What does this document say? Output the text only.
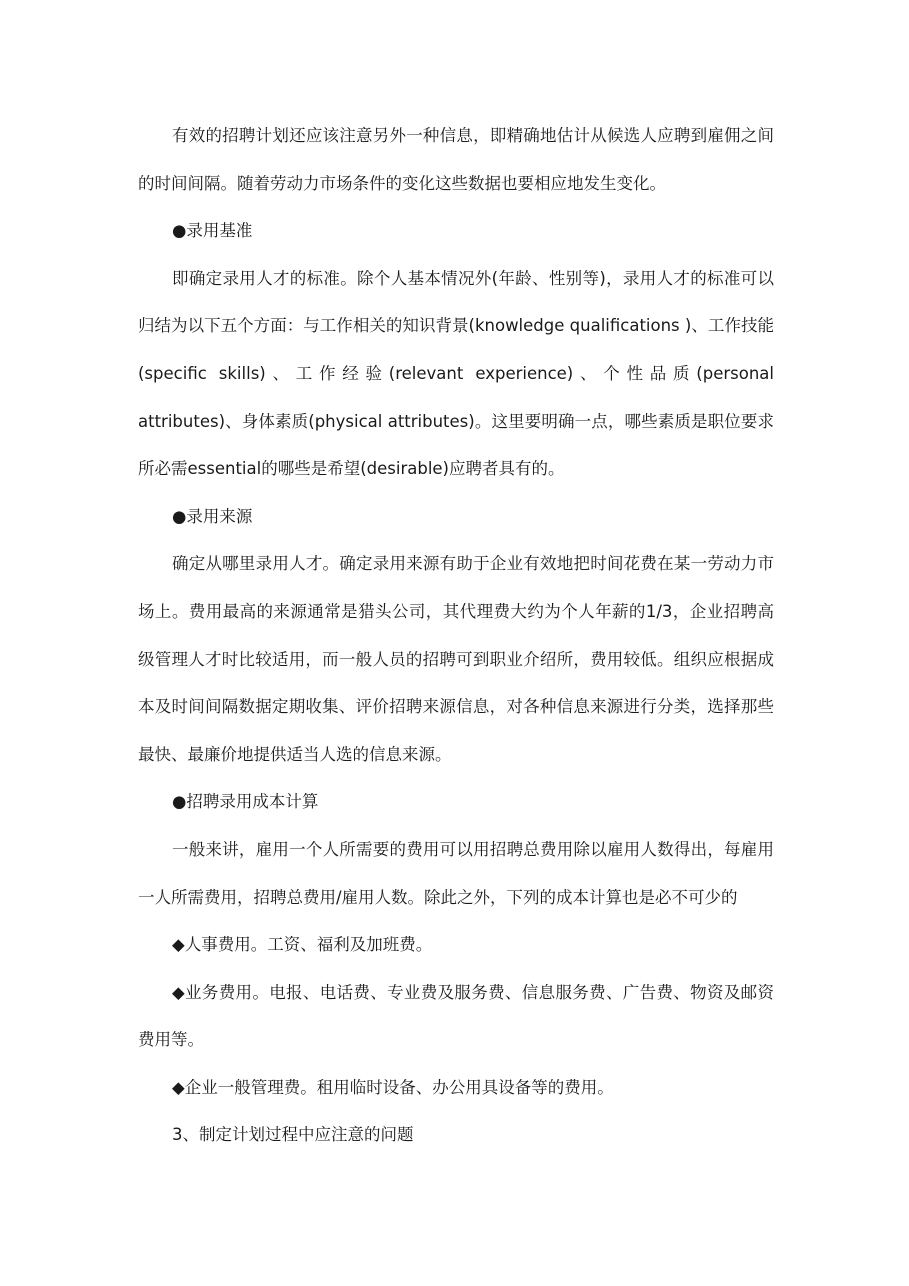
有效的招聘计划还应该注意另外一种信息，即精确地估计从候选人应聘到雇佣之间的时间间隔。随着劳动力市场条件的变化这些数据也要相应地发生变化。

●录用基准

即确定录用人才的标准。除个人基本情况外(年龄、性别等)，录用人才的标准可以归结为以下五个方面：与工作相关的知识背景(knowledge qualifications )、工作技能(specific skills)、工作经验(relevant experience)、个性品质(personal attributes)、身体素质(physical attributes)。这里要明确一点，哪些素质是职位要求所必需essential的哪些是希望(desirable)应聘者具有的。

●录用来源

确定从哪里录用人才。确定录用来源有助于企业有效地把时间花费在某一劳动力市场上。费用最高的来源通常是猎头公司，其代理费大约为个人年薪的1/3，企业招聘高级管理人才时比较适用，而一般人员的招聘可到职业介绍所，费用较低。组织应根据成本及时间间隔数据定期收集、评价招聘来源信息，对各种信息来源进行分类，选择那些最快、最廉价地提供适当人选的信息来源。

●招聘录用成本计算

一般来讲，雇用一个人所需要的费用可以用招聘总费用除以雇用人数得出，每雇用一人所需费用，招聘总费用/雇用人数。除此之外，下列的成本计算也是必不可少的

◆人事费用。工资、福利及加班费。

◆业务费用。电报、电话费、专业费及服务费、信息服务费、广告费、物资及邮资费用等。

◆企业一般管理费。租用临时设备、办公用具设备等的费用。

3、制定计划过程中应注意的问题
